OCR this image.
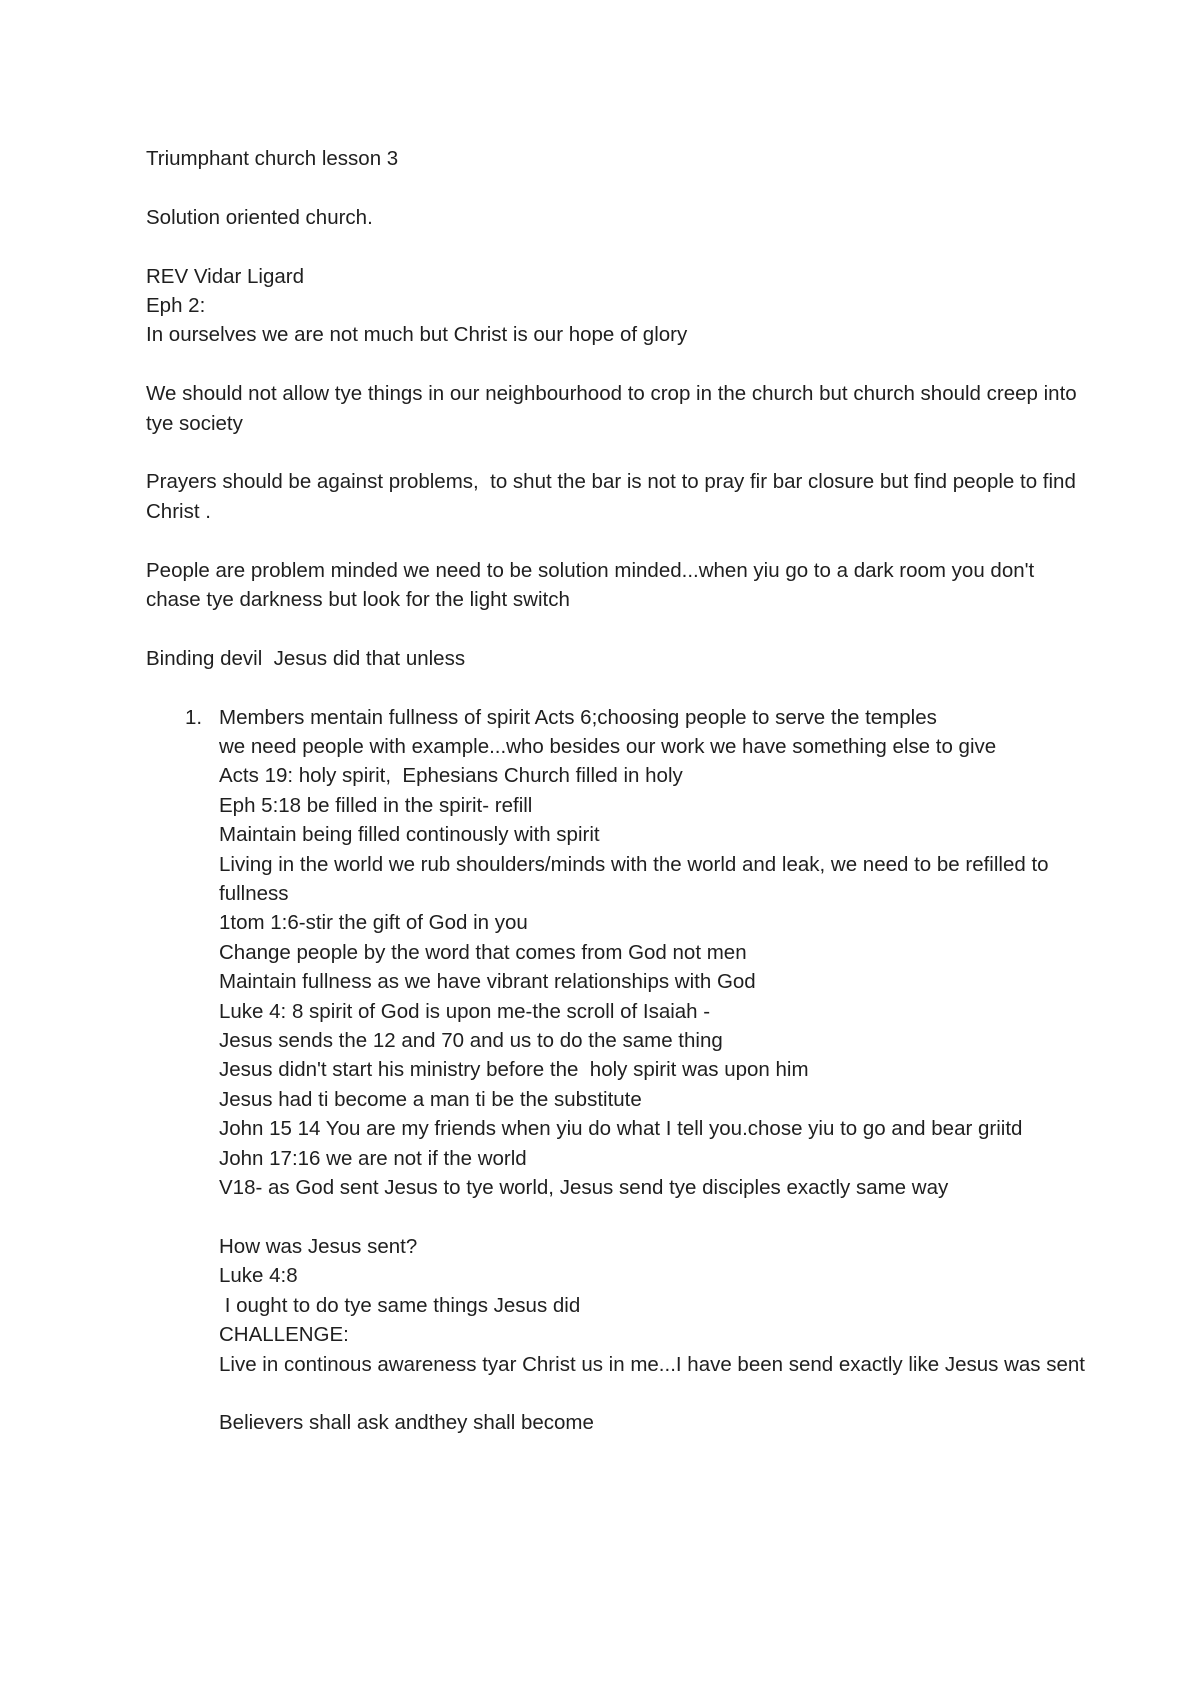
Triumphant church lesson 3
Solution oriented church.
REV Vidar Ligard
Eph 2:
In ourselves we are not much but Christ is our hope of glory
We should not allow tye things in our neighbourhood to crop in the church but church should creep into tye society
Prayers should be against problems,  to shut the bar is not to pray fir bar closure but find people to find Christ .
People are problem minded we need to be solution minded...when yiu go to a dark room you don't chase tye darkness but look for the light switch
Binding devil  Jesus did that unless
1. Members mentain fullness of spirit Acts 6;choosing people to serve the temples
we need people with example...who besides our work we have something else to give
Acts 19: holy spirit,  Ephesians Church filled in holy
Eph 5:18 be filled in the spirit- refill
Maintain being filled continously with spirit
Living in the world we rub shoulders/minds with the world and leak, we need to be refilled to fullness
1tom 1:6-stir the gift of God in you
Change people by the word that comes from God not men
Maintain fullness as we have vibrant relationships with God
Luke 4: 8 spirit of God is upon me-the scroll of Isaiah -
Jesus sends the 12 and 70 and us to do the same thing
Jesus didn't start his ministry before the  holy spirit was upon him
Jesus had ti become a man ti be the substitute
John 15 14 You are my friends when yiu do what I tell you.chose yiu to go and bear griitd
John 17:16 we are not if the world
V18- as God sent Jesus to tye world, Jesus send tye disciples exactly same way
How was Jesus sent?
Luke 4:8
I ought to do tye same things Jesus did
CHALLENGE:
Live in continous awareness tyar Christ us in me...I have been send exactly like Jesus was sent
Believers shall ask andthey shall become
